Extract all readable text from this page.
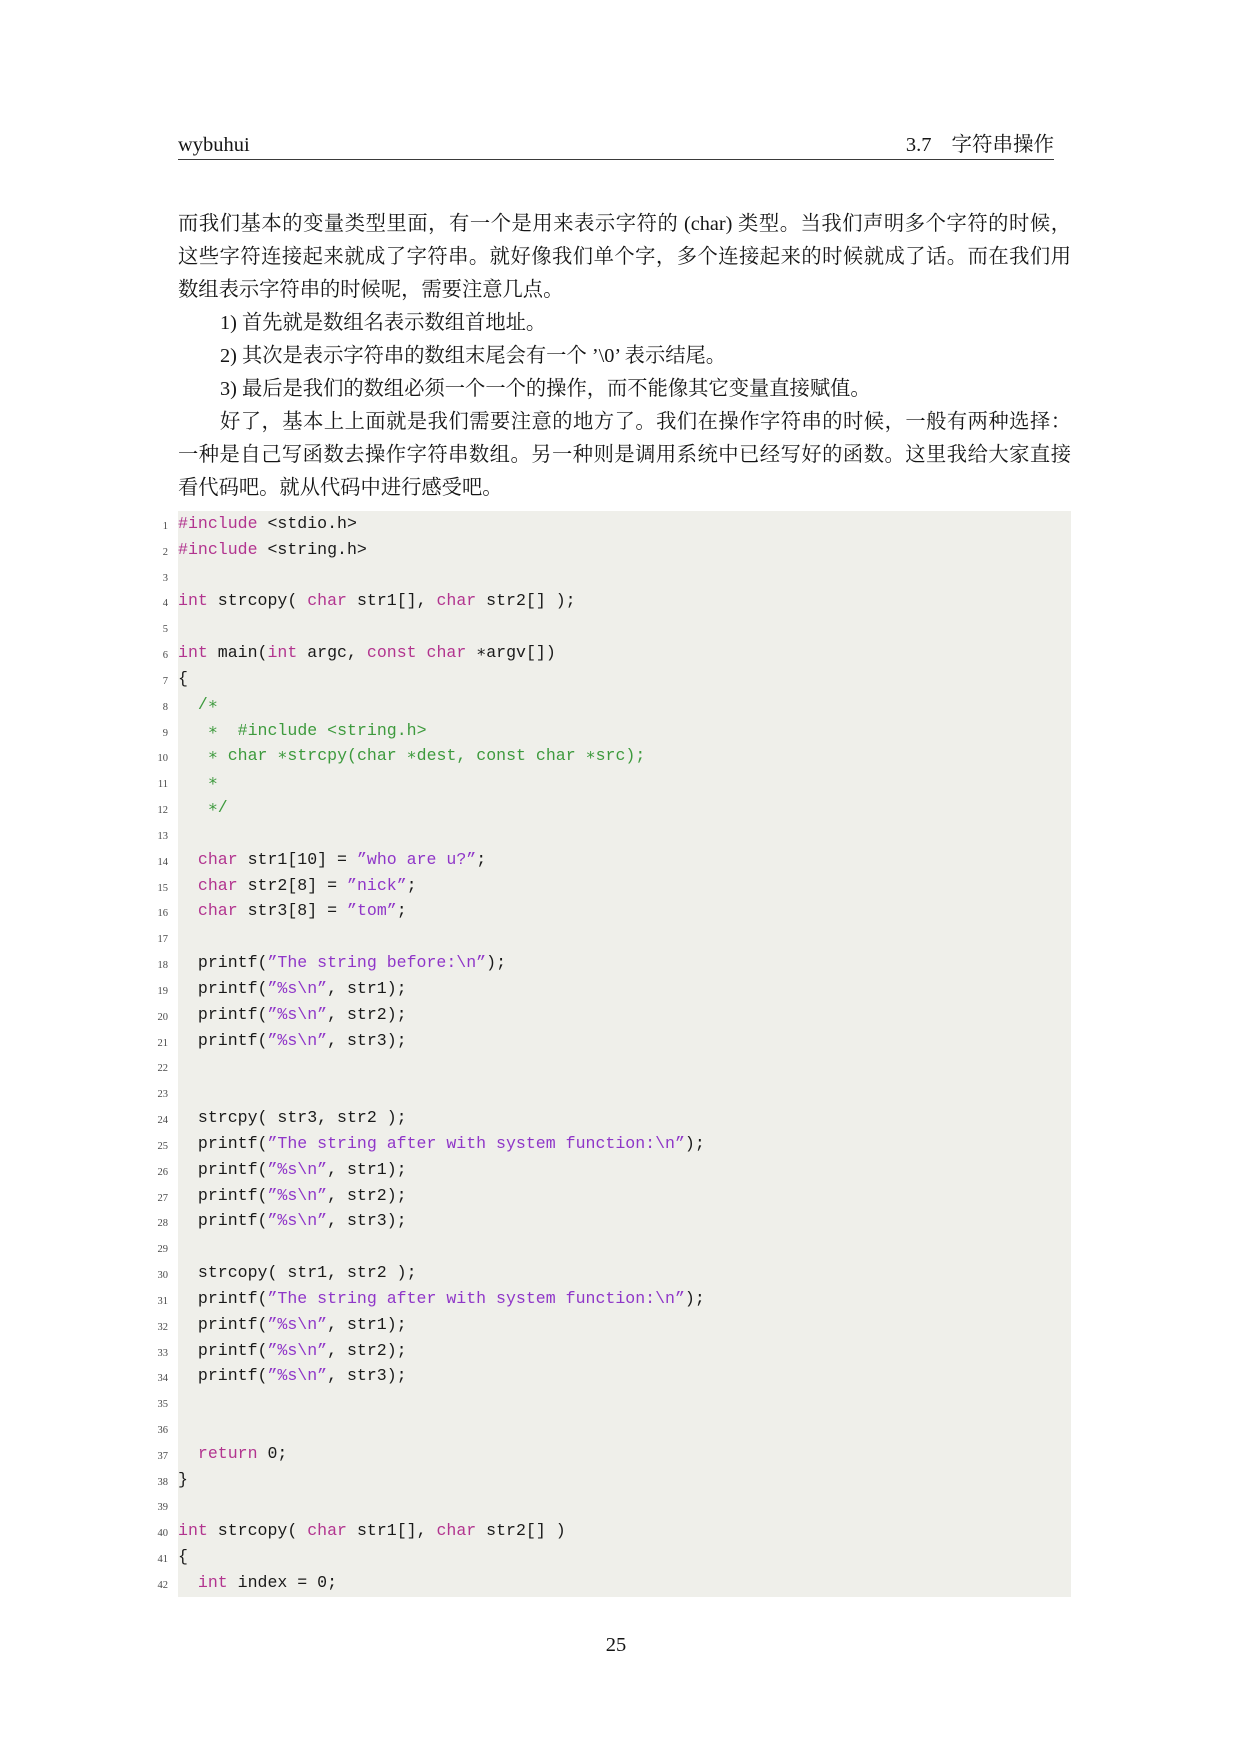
wybuhui	3.7 字符串操作
而我们基本的变量类型里面，有一个是用来表示字符的 (char) 类型。当我们声明多个字符的时候，
这些字符连接起来就成了字符串。就好像我们单个字，多个连接起来的时候就成了话。而在我们用
数组表示字符串的时候呢，需要注意几点。
1) 首先就是数组名表示数组首地址。
2) 其次是表示字符串的数组末尾会有一个 ’\0’ 表示结尾。
3) 最后是我们的数组必须一个一个的操作，而不能像其它变量直接赋值。
好了，基本上上面就是我们需要注意的地方了。我们在操作字符串的时候，一般有两种选择：
一种是自己写函数去操作字符串数组。另一种则是调用系统中已经写好的函数。这里我给大家直接
看代码吧。就从代码中进行感受吧。
1 #include <stdio.h>
2 #include <string.h>
3
4 int strcopy( char str1[], char str2[] );
5
6 int main(int argc, const char ∗argv[])
7 {
8 /∗
9 ∗  #include <string.h>
10 ∗ char ∗strcpy(char ∗dest, const char ∗src);
11 ∗
12 ∗/
13
14 char str1[10] = ”who are u?”;
15 char str2[8] = ”nick”;
16 char str3[8] = ”tom”;
17
18 printf(”The string before:\n”);
19 printf(”%s\n”, str1);
20 printf(”%s\n”, str2);
21 printf(”%s\n”, str3);
22
23
24 strcpy( str3, str2 );
25 printf(”The string after with system function:\n”);
26 printf(”%s\n”, str1);
27 printf(”%s\n”, str2);
28 printf(”%s\n”, str3);
29
30 strcopy( str1, str2 );
31 printf(”The string after with system function:\n”);
32 printf(”%s\n”, str1);
33 printf(”%s\n”, str2);
34 printf(”%s\n”, str3);
35
36
37 return 0;
38 }
39
40 int strcopy( char str1[], char str2[] )
41 {
42 int index = 0;
25
